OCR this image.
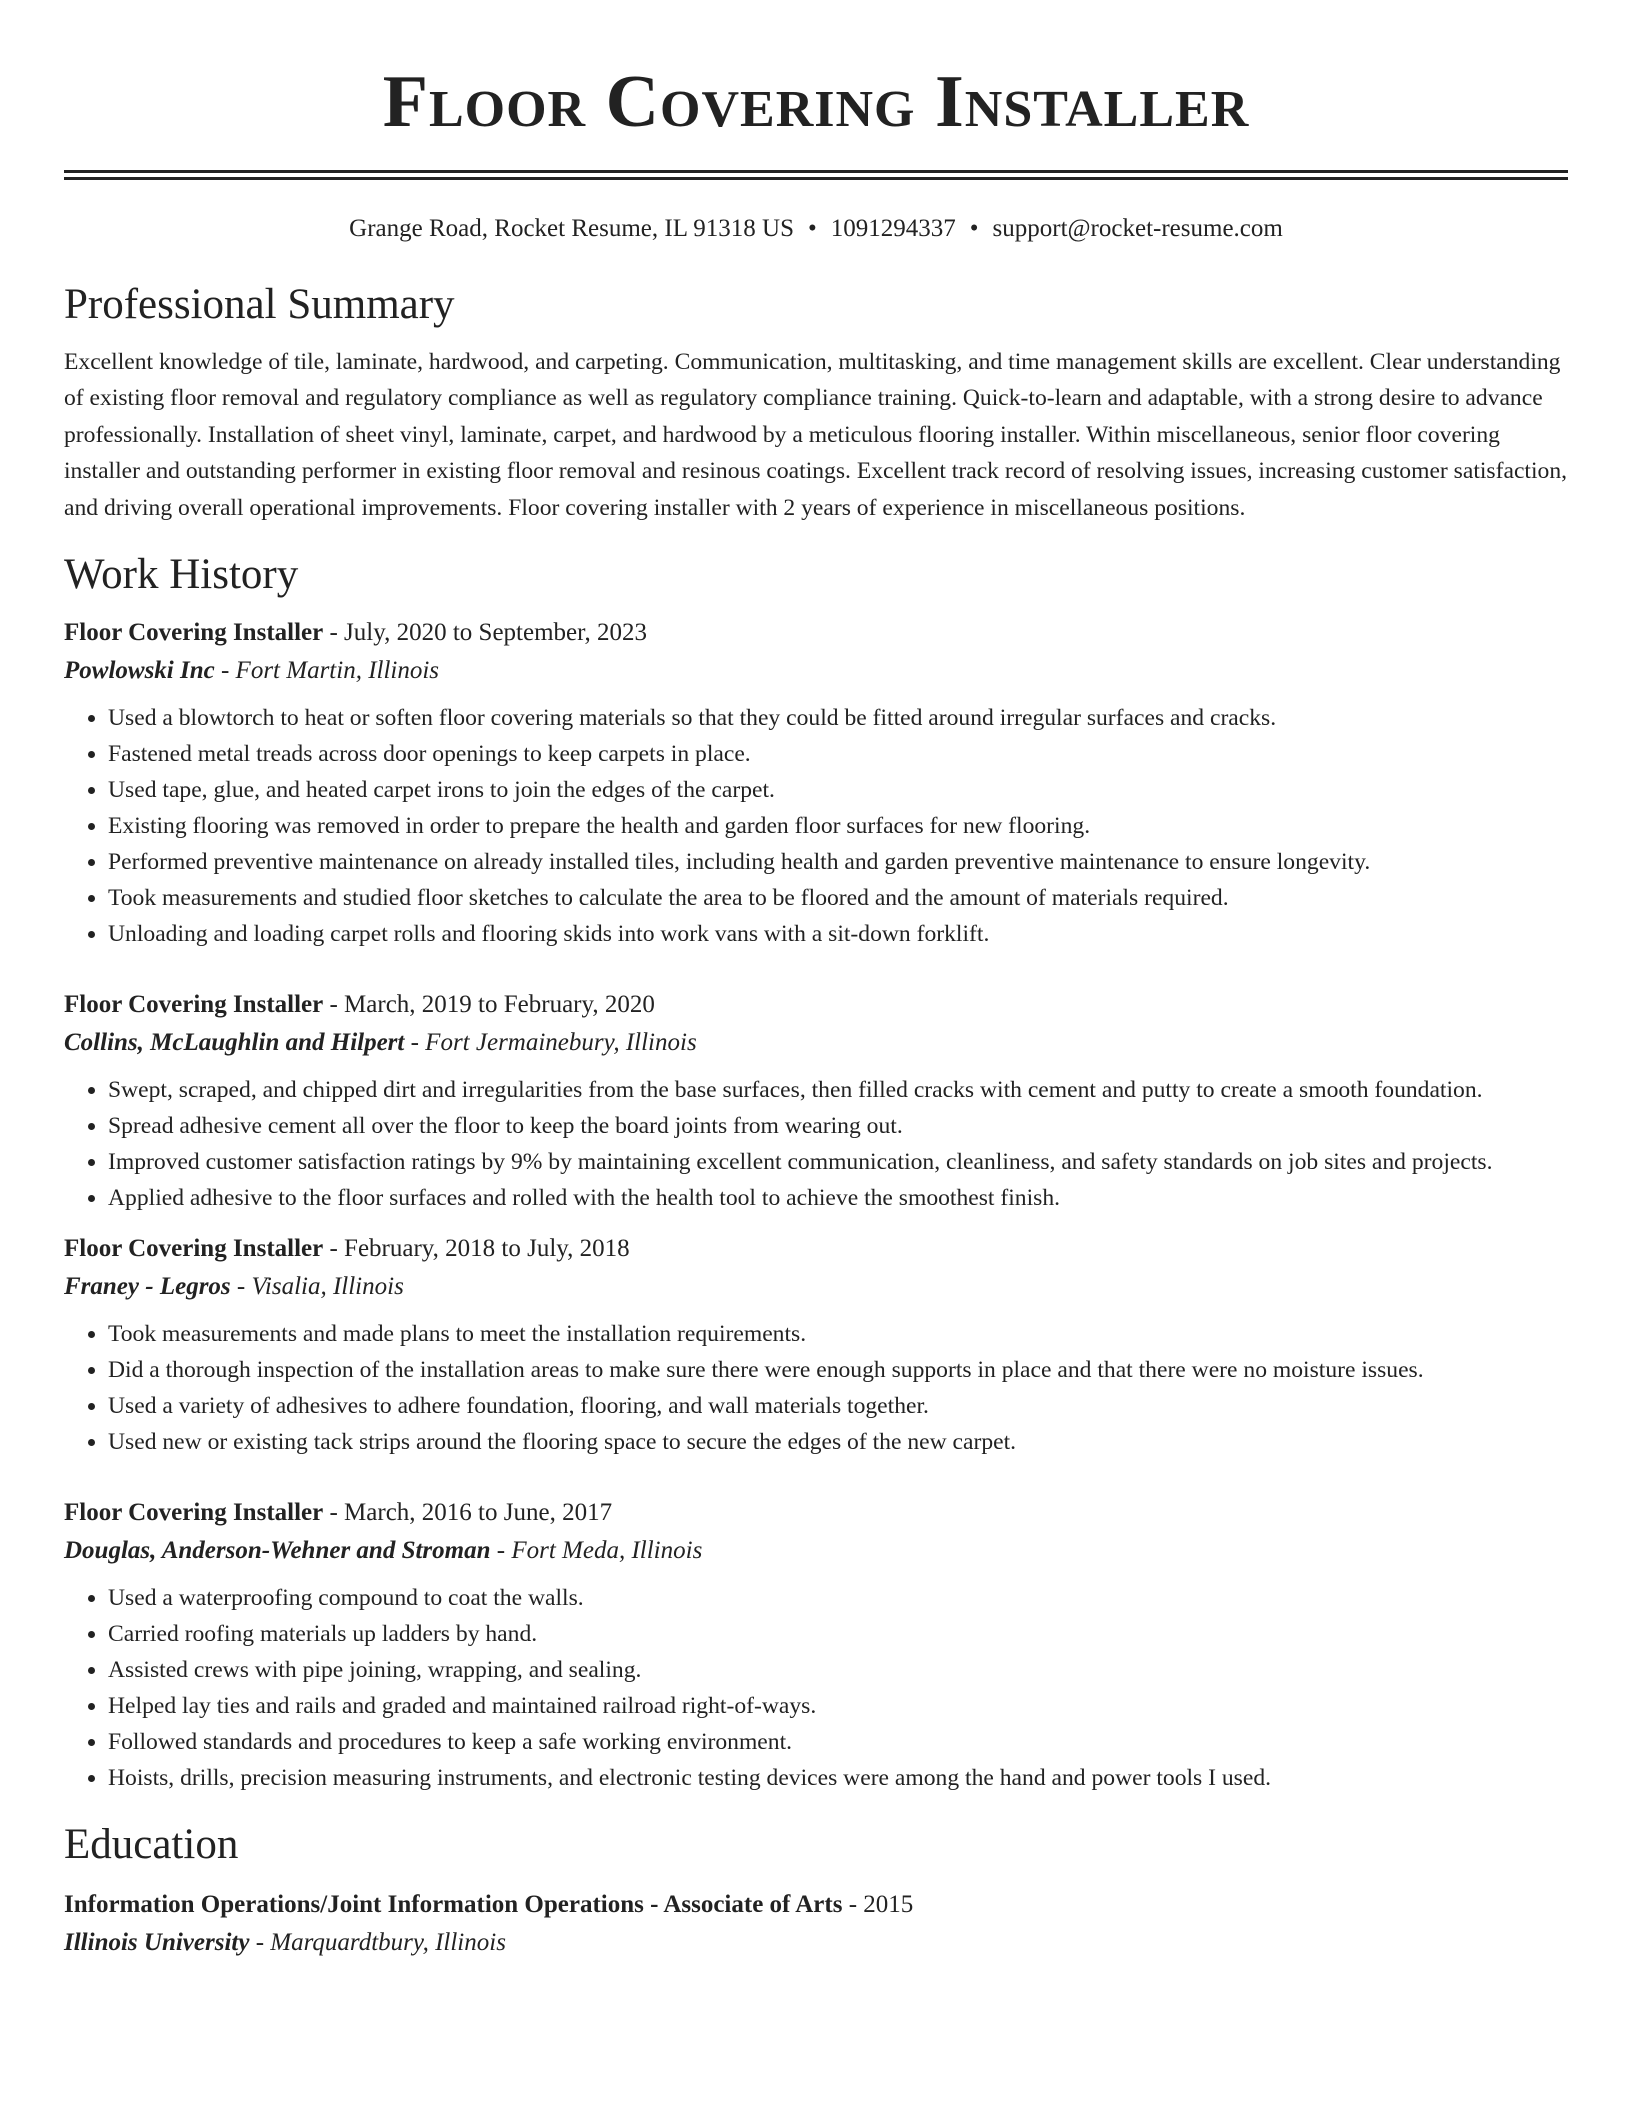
Floor Covering Installer
Grange Road, Rocket Resume, IL 91318 US • 1091294337 • support@rocket-resume.com
Professional Summary

Excellent knowledge of tile, laminate, hardwood, and carpeting. Communication, multitasking, and time management skills are excellent. Clear understanding of existing floor removal and regulatory compliance as well as regulatory compliance training. Quick-to-learn and adaptable, with a strong desire to advance professionally. Installation of sheet vinyl, laminate, carpet, and hardwood by a meticulous flooring installer. Within miscellaneous, senior floor covering installer and outstanding performer in existing floor removal and resinous coatings. Excellent track record of resolving issues, increasing customer satisfaction, and driving overall operational improvements. Floor covering installer with 2 years of experience in miscellaneous positions.

Work History
Floor Covering Installer - July, 2020 to September, 2023
Powlowski Inc - Fort Martin, Illinois
• Used a blowtorch to heat or soften floor covering materials so that they could be fitted around irregular surfaces and cracks.
• Fastened metal treads across door openings to keep carpets in place.
• Used tape, glue, and heated carpet irons to join the edges of the carpet.
• Existing flooring was removed in order to prepare the health and garden floor surfaces for new flooring.
• Performed preventive maintenance on already installed tiles, including health and garden preventive maintenance to ensure longevity.
• Took measurements and studied floor sketches to calculate the area to be floored and the amount of materials required.
• Unloading and loading carpet rolls and flooring skids into work vans with a sit-down forklift.
Floor Covering Installer - March, 2019 to February, 2020
Collins, McLaughlin and Hilpert - Fort Jermainebury, Illinois
• Swept, scraped, and chipped dirt and irregularities from the base surfaces, then filled cracks with cement and putty to create a smooth foundation.
• Spread adhesive cement all over the floor to keep the board joints from wearing out.
• Improved customer satisfaction ratings by 9% by maintaining excellent communication, cleanliness, and safety standards on job sites and projects.
• Applied adhesive to the floor surfaces and rolled with the health tool to achieve the smoothest finish.
Floor Covering Installer - February, 2018 to July, 2018
Franey - Legros - Visalia, Illinois
• Took measurements and made plans to meet the installation requirements.
• Did a thorough inspection of the installation areas to make sure there were enough supports in place and that there were no moisture issues.
• Used a variety of adhesives to adhere foundation, flooring, and wall materials together.
• Used new or existing tack strips around the flooring space to secure the edges of the new carpet.
Floor Covering Installer - March, 2016 to June, 2017
Douglas, Anderson-Wehner and Stroman - Fort Meda, Illinois
• Used a waterproofing compound to coat the walls.
• Carried roofing materials up ladders by hand.
• Assisted crews with pipe joining, wrapping, and sealing.
• Helped lay ties and rails and graded and maintained railroad right-of-ways.
• Followed standards and procedures to keep a safe working environment.
• Hoists, drills, precision measuring instruments, and electronic testing devices were among the hand and power tools I used.
Education
Information Operations/Joint Information Operations - Associate of Arts - 2015
Illinois University - Marquardtbury, Illinois
